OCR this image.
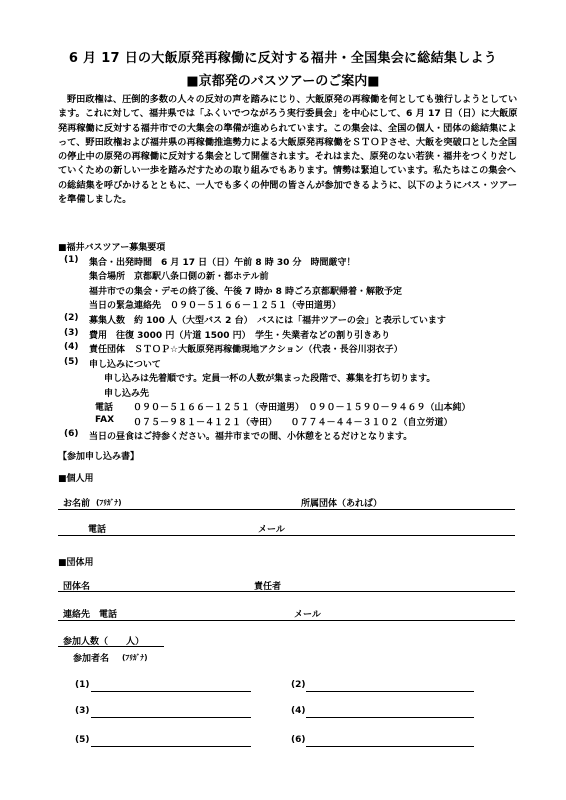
6 月 17 日の大飯原発再稼働に反対する福井・全国集会に総結集しよう
■京都発のバスツアーのご案内■

野田政権は、圧倒的多数の人々の反対の声を踏みにじり、大飯原発の再稼働を何としても強行しようとしています。これに対して、福井県では「ふくいでつながろう実行委員会」を中心にして、6 月 17 日（日）に大飯原発再稼働に反対する福井市での大集会の準備が進められています。この集会は、全国の個人・団体の総結集によって、野田政権および福井県の再稼働推進勢力による大飯原発再稼働をＳＴＯＰさせ、大飯を突破口とした全国の停止中の原発の再稼働に反対する集会として開催されます。それはまた、原発のない若狭・福井をつくりだしていくための新しい一歩を踏みだすための取り組みでもあります。情勢は緊迫しています。私たちはこの集会への総結集を呼びかけるとともに、一人でも多くの仲間の皆さんが参加できるように、以下のようにバス・ツアーを準備しました。

■福井バスツアー募集要項
(1) 集合・出発時間　6 月 17 日（日）午前 8 時 30 分　時間厳守！
集合場所　京都駅八条口側の新・都ホテル前
福井市での集会・デモの終了後、午後 7 時か 8 時ごろ京都駅帰着・解散予定
当日の緊急連絡先　０９０－５１６６－１２５１（寺田道男）
(2) 募集人数　約 100 人（大型バス 2 台）　バスには「福井ツアーの会」と表示しています
(3) 費用　往復 3000 円（片道 1500 円）　学生・失業者などの割り引きあり
(4) 責任団体　ＳＴＯＰ☆大飯原発再稼働現地アクション（代表・長谷川羽衣子）
(5) 申し込みについて
申し込みは先着順です。定員一杯の人数が集まった段階で、募集を打ち切ります。
申し込み先
電話 ０９０－５１６６－１２５１（寺田道男）　０９０－１５９０－９４６９（山本純）
FAX ０７５－９８１－４１２１（寺田）　　０７７４－４４－３１０２（自立労道）
(6) 当日の昼食はご持参ください。福井市までの間、小休憩をとるだけとなります。
【参加申し込み書】
■個人用
お名前 (ﾌﾘｶﾞﾅ)	所属団体（あれば）
電話	メール
■団体用
団体名	責任者
連絡先　電話	メール
参加人数（　　人）
参加者名 (ﾌﾘｶﾞﾅ)
(1)	(2)
(3)	(4)
(5)	(6)
